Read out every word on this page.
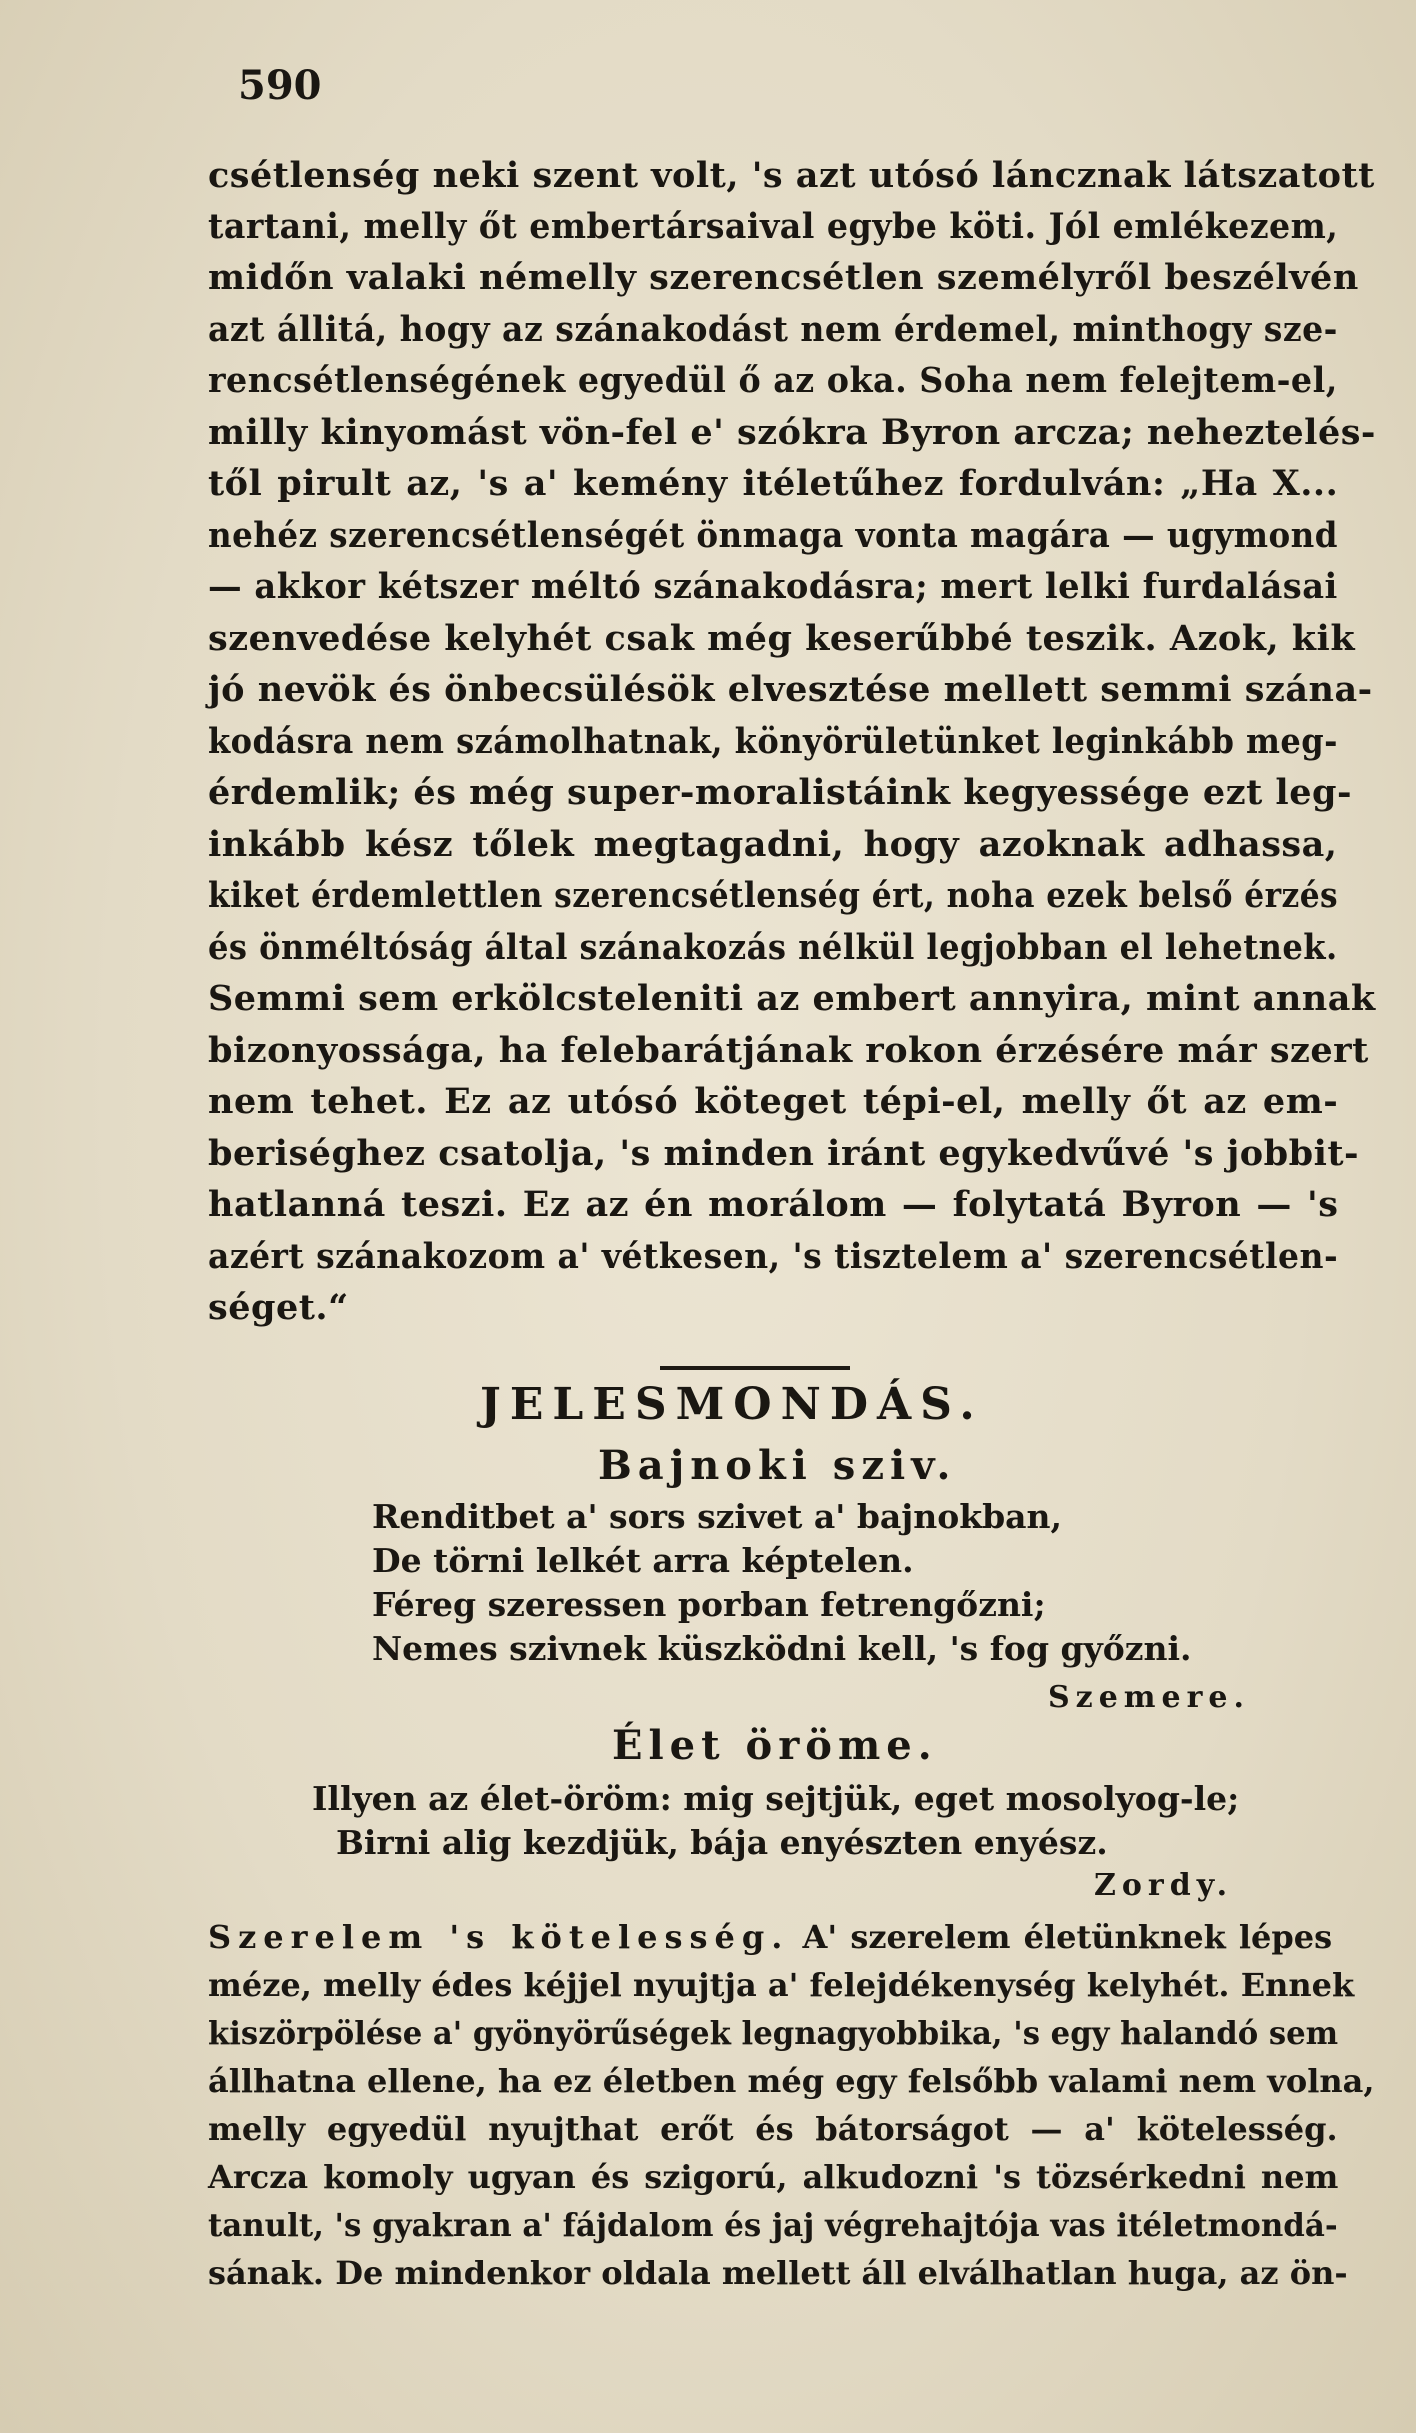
590
csétlenség neki szent volt, 's azt utósó láncznak látszatott
tartani, melly őt embertársaival egybe köti. Jól emlékezem,
midőn valaki némelly szerencsétlen személyről beszélvén
azt állitá, hogy az szánakodást nem érdemel, minthogy sze-
rencsétlenségének egyedül ő az oka. Soha nem felejtem-el,
milly kinyomást vön-fel e' szókra Byron arcza; neheztelés-
től pirult az, 's a' kemény itéletűhez fordulván: „Ha X...
nehéz szerencsétlenségét önmaga vonta magára — ugymond
— akkor kétszer méltó szánakodásra; mert lelki furdalásai
szenvedése kelyhét csak még keserűbbé teszik. Azok, kik
jó nevök és önbecsülésök elvesztése mellett semmi szána-
kodásra nem számolhatnak, könyörületünket leginkább meg-
érdemlik; és még super-moralistáink kegyessége ezt leg-
inkább kész tőlek megtagadni, hogy azoknak adhassa,
kiket érdemlettlen szerencsétlenség ért, noha ezek belső érzés
és önméltóság által szánakozás nélkül legjobban el lehetnek.
Semmi sem erkölcsteleniti az embert annyira, mint annak
bizonyossága, ha felebarátjának rokon érzésére már szert
nem tehet. Ez az utósó köteget tépi-el, melly őt az em-
beriséghez csatolja, 's minden iránt egykedvűvé 's jobbit-
hatlanná teszi. Ez az én morálom — folytatá Byron — 's
azért szánakozom a' vétkesen, 's tisztelem a' szerencsétlen-
séget.“
JELESMONDÁS.
Bajnoki sziv.
Renditbet a' sors szivet a' bajnokban,
De törni lelkét arra képtelen.
Féreg szeressen porban fetrengőzni;
Nemes szivnek küszködni kell, 's fog győzni.
Szemere.
Élet öröme.
Illyen az élet-öröm: mig sejtjük, eget mosolyog-le;
Birni alig kezdjük, bája enyészten enyész.
Zordy.
Szerelem 's kötelesség. A' szerelem életünknek lépes
méze, melly édes kéjjel nyujtja a' felejdékenység kelyhét. Ennek
kiszörpölése a' gyönyörűségek legnagyobbika, 's egy halandó sem
állhatna ellene, ha ez életben még egy felsőbb valami nem volna,
melly egyedül nyujthat erőt és bátorságot — a' kötelesség.
Arcza komoly ugyan és szigorú, alkudozni 's tözsérkedni nem
tanult, 's gyakran a' fájdalom és jaj végrehajtója vas itéletmondá-
sának. De mindenkor oldala mellett áll elválhatlan huga, az ön-
